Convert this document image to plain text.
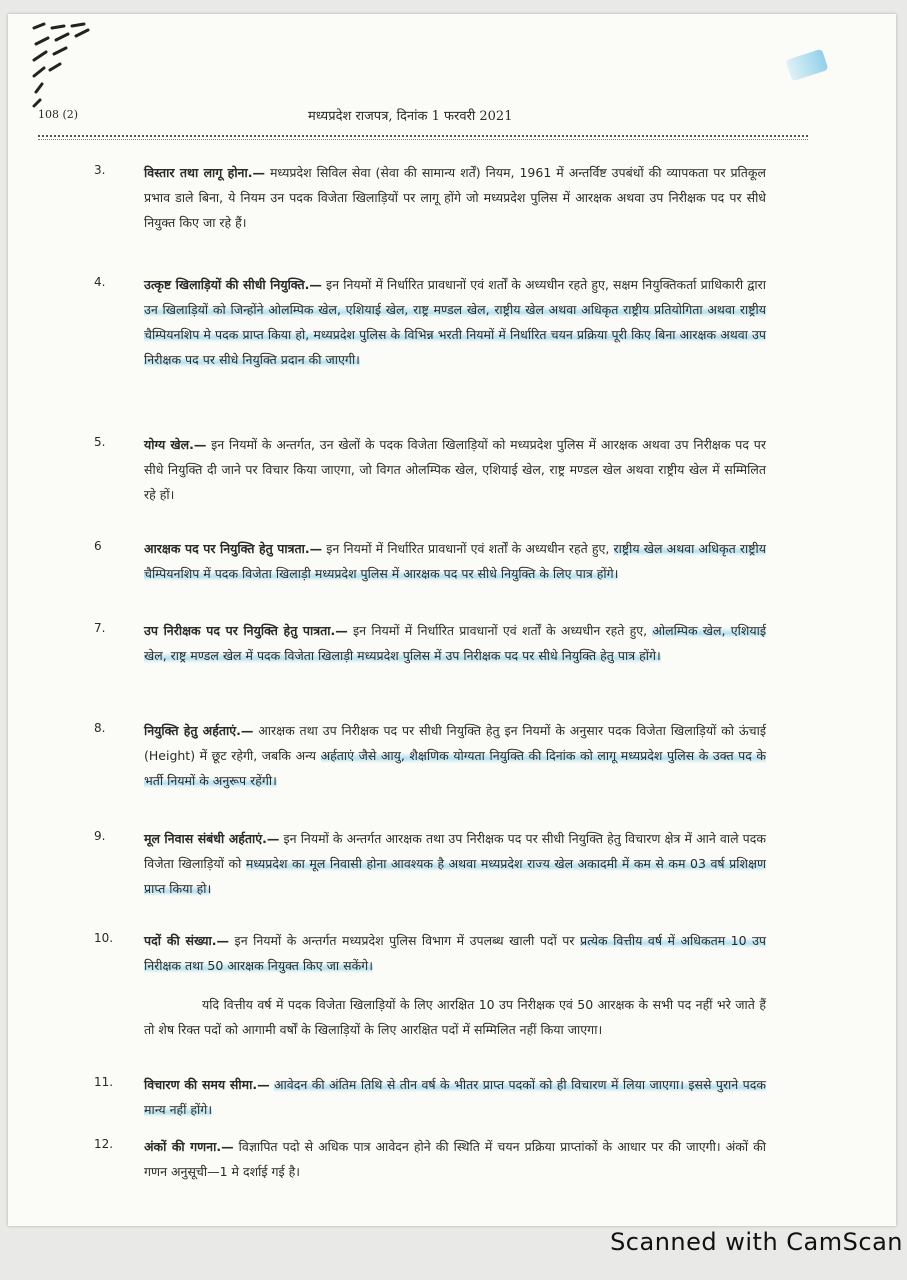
108 (2)	मध्यप्रदेश राजपत्र, दिनांक 1 फरवरी 2021
3.	विस्तार तथा लागू होना.— मध्यप्रदेश सिविल सेवा (सेवा की सामान्य शर्तें) नियम, 1961 में अन्तर्विष्ट उपबंधों की व्यापकता पर प्रतिकूल प्रभाव डाले बिना, ये नियम उन पदक विजेता खिलाड़ियों पर लागू होंगे जो मध्यप्रदेश पुलिस में आरक्षक अथवा उप निरीक्षक पद पर सीधे नियुक्त किए जा रहे हैं।
4.	उत्कृष्ट खिलाड़ियों की सीधी नियुक्ति.— इन नियमों में निर्धारित प्रावधानों एवं शर्तों के अध्यधीन रहते हुए, सक्षम नियुक्तिकर्ता प्राधिकारी द्वारा उन खिलाड़ियों को जिन्होंने ओलम्पिक खेल, एशियाई खेल, राष्ट्र मण्डल खेल, राष्ट्रीय खेल अथवा अधिकृत राष्ट्रीय प्रतियोगिता अथवा राष्ट्रीय चैम्पियनशिप मे पदक प्राप्त किया हो, मध्यप्रदेश पुलिस के विभिन्न भरती नियमों में निर्धारित चयन प्रक्रिया पूरी किए बिना आरक्षक अथवा उप निरीक्षक पद पर सीधे नियुक्ति प्रदान की जाएगी।
5.	योग्य खेल.— इन नियमों के अन्तर्गत, उन खेलों के पदक विजेता खिलाड़ियों को मध्यप्रदेश पुलिस में आरक्षक अथवा उप निरीक्षक पद पर सीधे नियुक्ति दी जाने पर विचार किया जाएगा, जो विगत ओलम्पिक खेल, एशियाई खेल, राष्ट्र मण्डल खेल अथवा राष्ट्रीय खेल में सम्मिलित रहे हों।
6	आरक्षक पद पर नियुक्ति हेतु पात्रता.— इन नियमों में निर्धारित प्रावधानों एवं शर्तों के अध्यधीन रहते हुए, राष्ट्रीय खेल अथवा अधिकृत राष्ट्रीय चैम्पियनशिप में पदक विजेता खिलाड़ी मध्यप्रदेश पुलिस में आरक्षक पद पर सीधे नियुक्ति के लिए पात्र होंगे।
7.	उप निरीक्षक पद पर नियुक्ति हेतु पात्रता.— इन नियमों में निर्धारित प्रावधानों एवं शर्तों के अध्यधीन रहते हुए, ओलम्पिक खेल, एशियाई खेल, राष्ट्र मण्डल खेल में पदक विजेता खिलाड़ी मध्यप्रदेश पुलिस में उप निरीक्षक पद पर सीधे नियुक्ति हेतु पात्र होंगे।
8.	नियुक्ति हेतु अर्हताएं.— आरक्षक तथा उप निरीक्षक पद पर सीधी नियुक्ति हेतु इन नियमों के अनुसार पदक विजेता खिलाड़ियों को ऊंचाई (Height) में छूट रहेगी, जबकि अन्य अर्हताएं जैसे आयु, शैक्षणिक योग्यता नियुक्ति की दिनांक को लागू मध्यप्रदेश पुलिस के उक्त पद के भर्ती नियमों के अनुरूप रहेंगी।
9.	मूल निवास संबंधी अर्हताएं.— इन नियमों के अन्तर्गत आरक्षक तथा उप निरीक्षक पद पर सीधी नियुक्ति हेतु विचारण क्षेत्र में आने वाले पदक विजेता खिलाड़ियों को मध्यप्रदेश का मूल निवासी होना आवश्यक है अथवा मध्यप्रदेश राज्य खेल अकादमी में कम से कम 03 वर्ष प्रशिक्षण प्राप्त किया हो।
10.	पदों की संख्या.— इन नियमों के अन्तर्गत मध्यप्रदेश पुलिस विभाग में उपलब्ध खाली पदों पर प्रत्येक वित्तीय वर्ष में अधिकतम 10 उप निरीक्षक तथा 50 आरक्षक नियुक्त किए जा सकेंगे।
यदि वित्तीय वर्ष में पदक विजेता खिलाड़ियों के लिए आरक्षित 10 उप निरीक्षक एवं 50 आरक्षक के सभी पद नहीं भरे जाते हैं तो शेष रिक्त पदों को आगामी वर्षों के खिलाड़ियों के लिए आरक्षित पदों में सम्मिलित नहीं किया जाएगा।
11.	विचारण की समय सीमा.— आवेदन की अंतिम तिथि से तीन वर्ष के भीतर प्राप्त पदकों को ही विचारण में लिया जाएगा। इससे पुराने पदक मान्य नहीं होंगे।
12.	अंकों की गणना.— विज्ञापित पदो से अधिक पात्र आवेदन होने की स्थिति में चयन प्रक्रिया प्राप्तांकों के आधार पर की जाएगी। अंकों की गणन अनुसूची—1 मे दर्शाई गई है।
Scanned with CamScan
